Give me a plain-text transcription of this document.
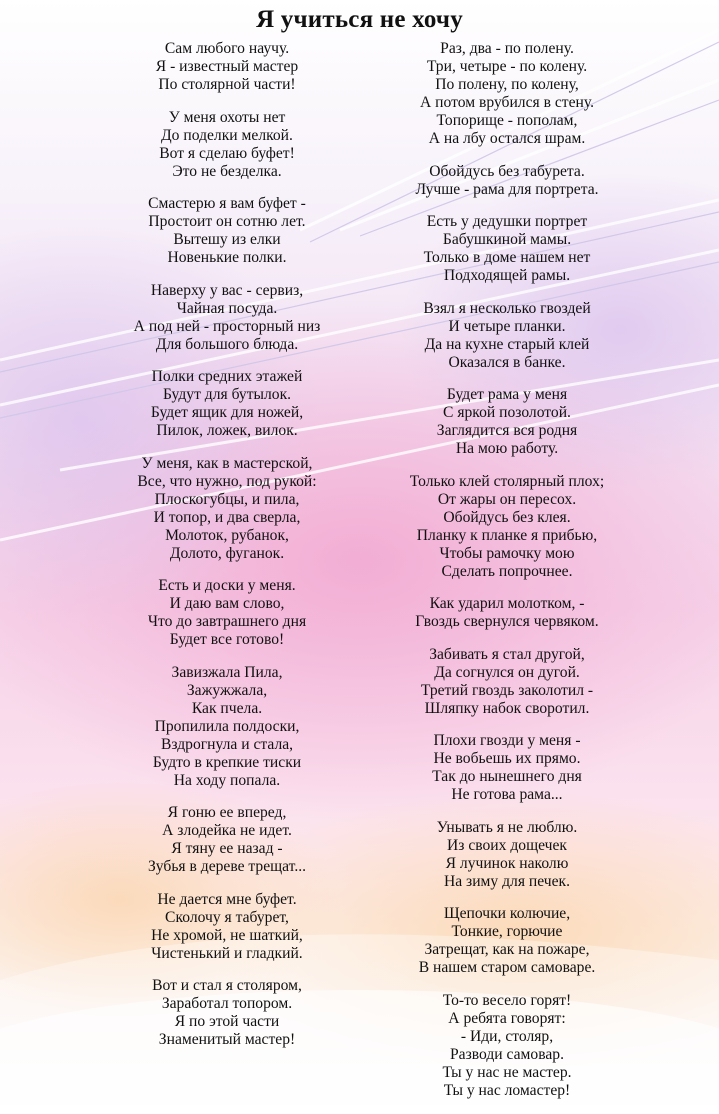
Я учиться не хочу
Сам любого научу.
Я - известный мастер
По столярной части!
У меня охоты нет
До поделки мелкой.
Вот я сделаю буфет!
Это не безделка.
Смастерю я вам буфет -
Простоит он сотню лет.
Вытешу из елки
Новенькие полки.
Наверху у вас - сервиз,
Чайная посуда.
А под ней - просторный низ
Для большого блюда.
Полки средних этажей
Будут для бутылок.
Будет ящик для ножей,
Пилок, ложек, вилок.
У меня, как в мастерской,
Все, что нужно, под рукой:
Плоскогубцы, и пила,
И топор, и два сверла,
Молоток, рубанок,
Долото, фуганок.
Есть и доски у меня.
И даю вам слово,
Что до завтрашнего дня
Будет все готово!
Завизжала Пила,
Зажужжала,
Как пчела.
Пропилила полдоски,
Вздрогнула и стала,
Будто в крепкие тиски
На ходу попала.
Я гоню ее вперед,
А злодейка не идет.
Я тяну ее назад -
Зубья в дереве трещат...
Не дается мне буфет.
Сколочу я табурет,
Не хромой, не шаткий,
Чистенький и гладкий.
Вот и стал я столяром,
Заработал топором.
Я по этой части
Знаменитый мастер!
Раз, два - по полену.
Три, четыре - по колену.
По полену, по колену,
А потом врубился в стену.
Топорище - пополам,
А на лбу остался шрам.
Обойдусь без табурета.
Лучше - рама для портрета.
Есть у дедушки портрет
Бабушкиной мамы.
Только в доме нашем нет
Подходящей рамы.
Взял я несколько гвоздей
И четыре планки.
Да на кухне старый клей
Оказался в банке.
Будет рама у меня
С яркой позолотой.
Заглядится вся родня
На мою работу.
Только клей столярный плох;
От жары он пересох.
Обойдусь без клея.
Планку к планке я прибью,
Чтобы рамочку мою
Сделать попрочнее.
Как ударил молотком, -
Гвоздь свернулся червяком.
Забивать я стал другой,
Да согнулся он дугой.
Третий гвоздь заколотил -
Шляпку набок своротил.
Плохи гвозди у меня -
Не вобьешь их прямо.
Так до нынешнего дня
Не готова рама...
Унывать я не люблю.
Из своих дощечек
Я лучинок наколю
На зиму для печек.
Щепочки колючие,
Тонкие, горючие
Затрещат, как на пожаре,
В нашем старом самоваре.
То-то весело горят!
А ребята говорят:
- Иди, столяр,
Разводи самовар.
Ты у нас не мастер.
Ты у нас ломастер!
